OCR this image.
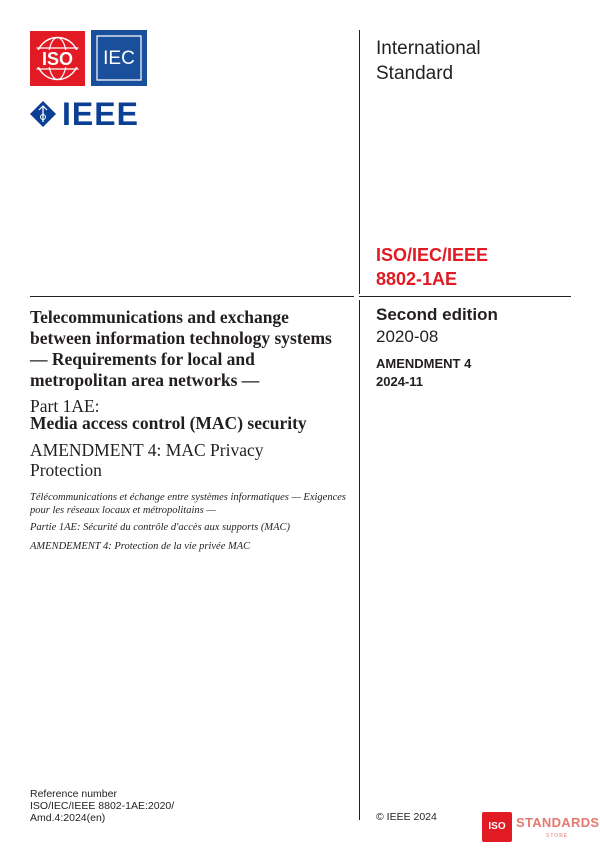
ISO IEC
IEEE
International
Standard
ISO/IEC/IEEE
8802-1AE
Second edition
2020-08
AMENDMENT 4
2024-11
Telecommunications and exchange between information technology systems — Requirements for local and metropolitan area networks —
Part 1AE:
Media access control (MAC) security
AMENDMENT 4: MAC Privacy Protection
Télécommunications et échange entre systèmes informatiques — Exigences pour les réseaux locaux et métropolitains —
Partie 1AE: Sécurité du contrôle d'accès aux supports (MAC)
AMENDEMENT 4: Protection de la vie privée MAC
Reference number
ISO/IEC/IEEE 8802-1AE:2020/
Amd.4:2024(en)	© IEEE 2024
ISO STANDARDS
STORE
